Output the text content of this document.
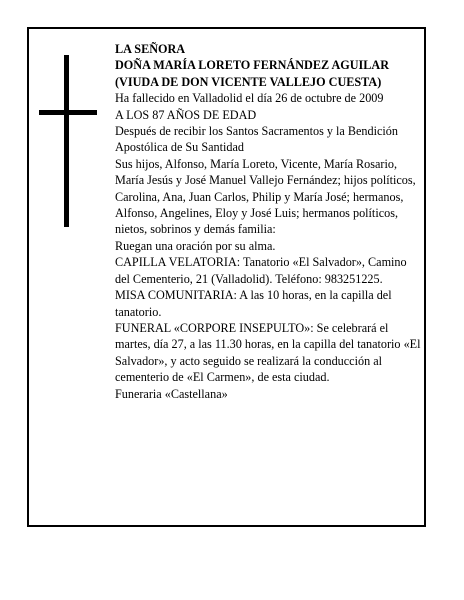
LA SEÑORA

DOÑA MARÍA LORETO FERNÁNDEZ AGUILAR (VIUDA DE DON VICENTE VALLEJO CUESTA)

Ha fallecido en Valladolid el día 26 de octubre de 2009

A LOS 87 AÑOS DE EDAD

Después de recibir los Santos Sacramentos y la Bendición Apostólica de Su Santidad

Sus hijos, Alfonso, María Loreto, Vicente, María Rosario, María Jesús y José Manuel Vallejo Fernández; hijos políticos, Carolina, Ana, Juan Carlos, Philip y María José; hermanos, Alfonso, Angelines, Eloy y José Luis; hermanos políticos, nietos, sobrinos y demás familia:

Ruegan una oración por su alma.

CAPILLA VELATORIA: Tanatorio «El Salvador», Camino del Cementerio, 21 (Valladolid). Teléfono: 983251225.

MISA COMUNITARIA: A las 10 horas, en la capilla del tanatorio.

FUNERAL «CORPORE INSEPULTO»: Se celebrará el martes, día 27, a las 11.30 horas, en la capilla del tanatorio «El Salvador», y acto seguido se realizará la conducción al cementerio de «El Carmen», de esta ciudad.

Funeraria «Castellana»
